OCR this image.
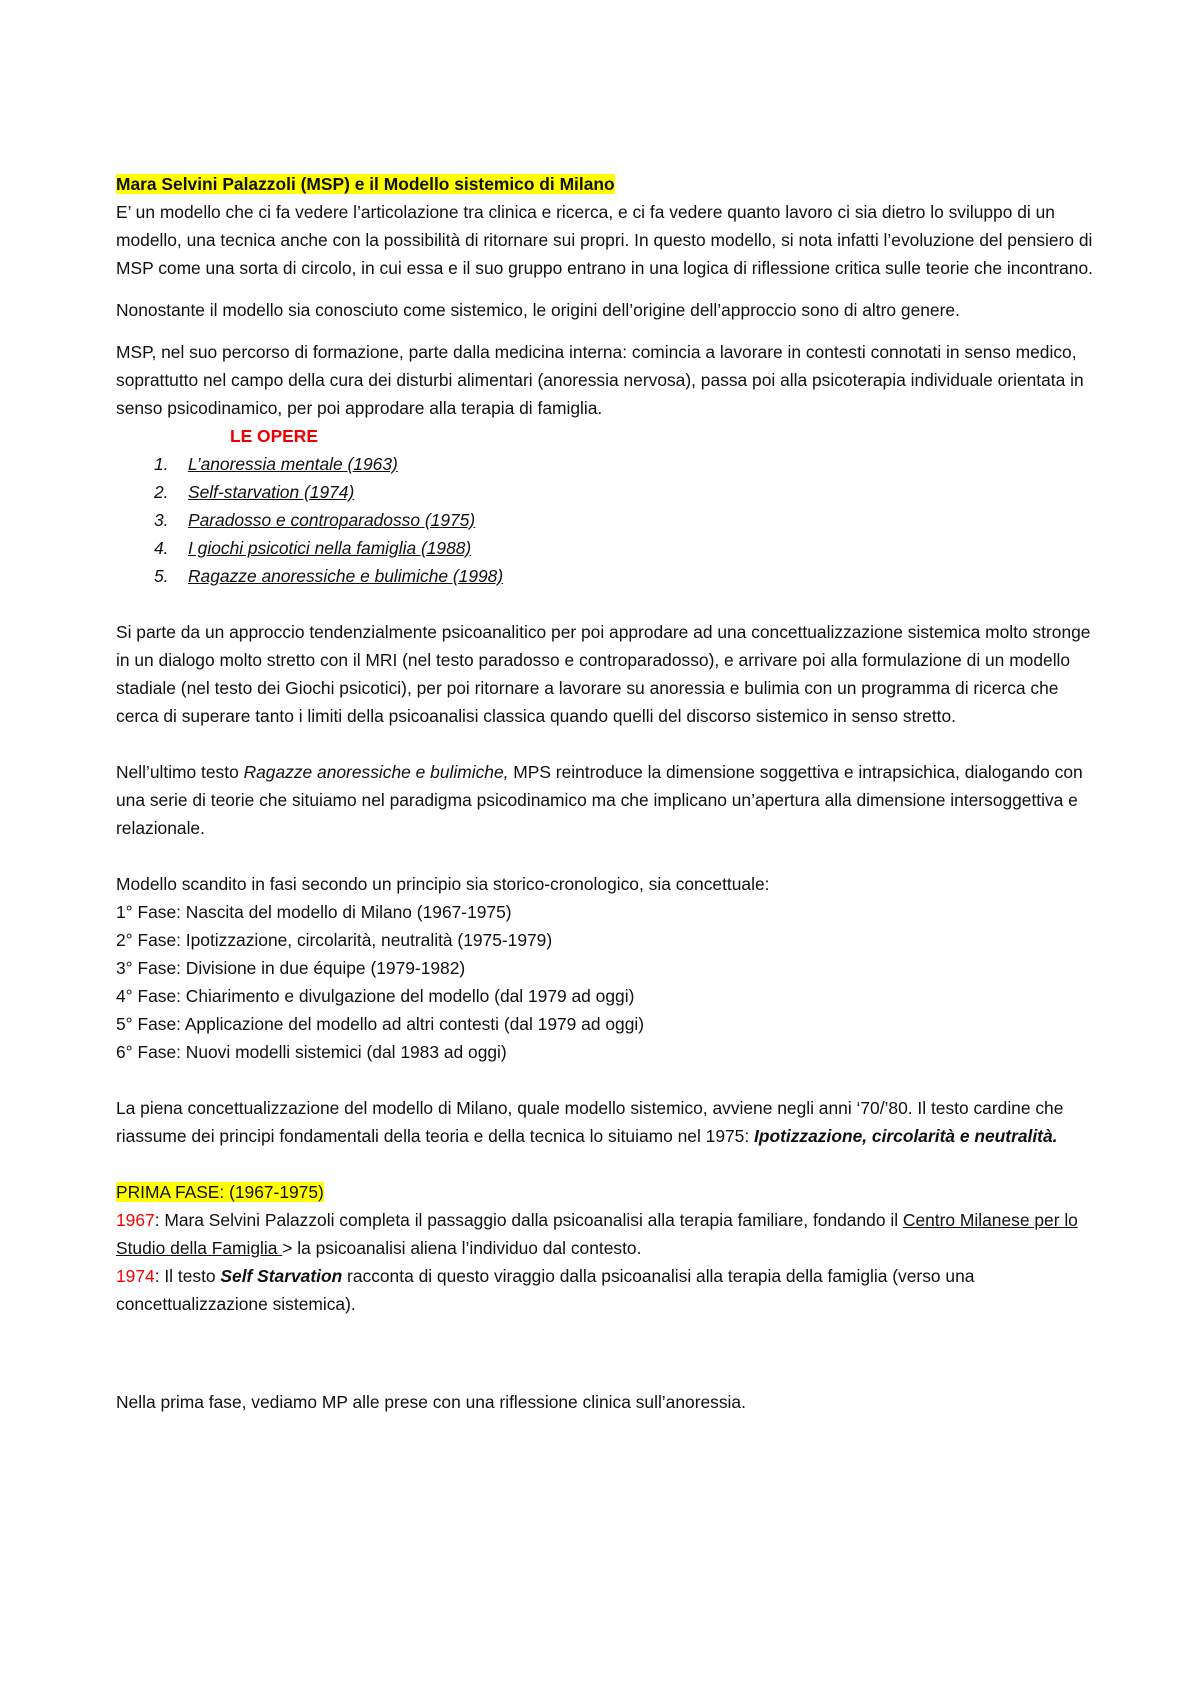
Mara Selvini Palazzoli (MSP) e il Modello sistemico di Milano

E’ un modello che ci fa vedere l’articolazione tra clinica e ricerca, e ci fa vedere quanto lavoro ci sia dietro lo sviluppo di un modello, una tecnica anche con la possibilità di ritornare sui propri. In questo modello, si nota infatti l’evoluzione del pensiero di MSP come una sorta di circolo, in cui essa e il suo gruppo entrano in una logica di riflessione critica sulle teorie che incontrano.

Nonostante il modello sia conosciuto come sistemico, le origini dell’origine dell’approccio sono di altro genere.

MSP, nel suo percorso di formazione, parte dalla medicina interna: comincia a lavorare in contesti connotati in senso medico, soprattutto nel campo della cura dei disturbi alimentari (anoressia nervosa), passa poi alla psicoterapia individuale orientata in senso psicodinamico, per poi approdare alla terapia di famiglia.

LE OPERE

1. L’anoressia mentale (1963)
2. Self-starvation (1974)
3. Paradosso e controparadosso (1975)
4. I giochi psicotici nella famiglia (1988)
5. Ragazze anoressiche e bulimiche (1998)

Si parte da un approccio tendenzialmente psicoanalitico per poi approdare ad una concettualizzazione sistemica molto stronge in un dialogo molto stretto con il MRI (nel testo paradosso e controparadosso), e arrivare poi alla formulazione di un modello stadiale (nel testo dei Giochi psicotici), per poi ritornare a lavorare su anoressia e bulimia con un programma di ricerca che cerca di superare tanto i limiti della psicoanalisi classica quando quelli del discorso sistemico in senso stretto.

Nell’ultimo testo Ragazze anoressiche e bulimiche, MPS reintroduce la dimensione soggettiva e intrapsichica, dialogando con una serie di teorie che situiamo nel paradigma psicodinamico ma che implicano un’apertura alla dimensione intersoggettiva e relazionale.

Modello scandito in fasi secondo un principio sia storico-cronologico, sia concettuale:

1° Fase: Nascita del modello di Milano (1967-1975)

2° Fase: Ipotizzazione, circolarità, neutralità (1975-1979)

3° Fase: Divisione in due équipe (1979-1982)

4° Fase: Chiarimento e divulgazione del modello (dal 1979 ad oggi)

5° Fase: Applicazione del modello ad altri contesti (dal 1979 ad oggi)

6° Fase: Nuovi modelli sistemici (dal 1983 ad oggi)

La piena concettualizzazione del modello di Milano, quale modello sistemico, avviene negli anni ‘70/’80. Il testo cardine che riassume dei principi fondamentali della teoria e della tecnica lo situiamo nel 1975: Ipotizzazione, circolarità e neutralità.

PRIMA FASE: (1967-1975)

1967: Mara Selvini Palazzoli completa il passaggio dalla psicoanalisi alla terapia familiare, fondando il Centro Milanese per lo Studio della Famiglia > la psicoanalisi aliena l’individuo dal contesto.

1974: Il testo Self Starvation racconta di questo viraggio dalla psicoanalisi alla terapia della famiglia (verso una concettualizzazione sistemica).

Nella prima fase, vediamo MP alle prese con una riflessione clinica sull’anoressia.
